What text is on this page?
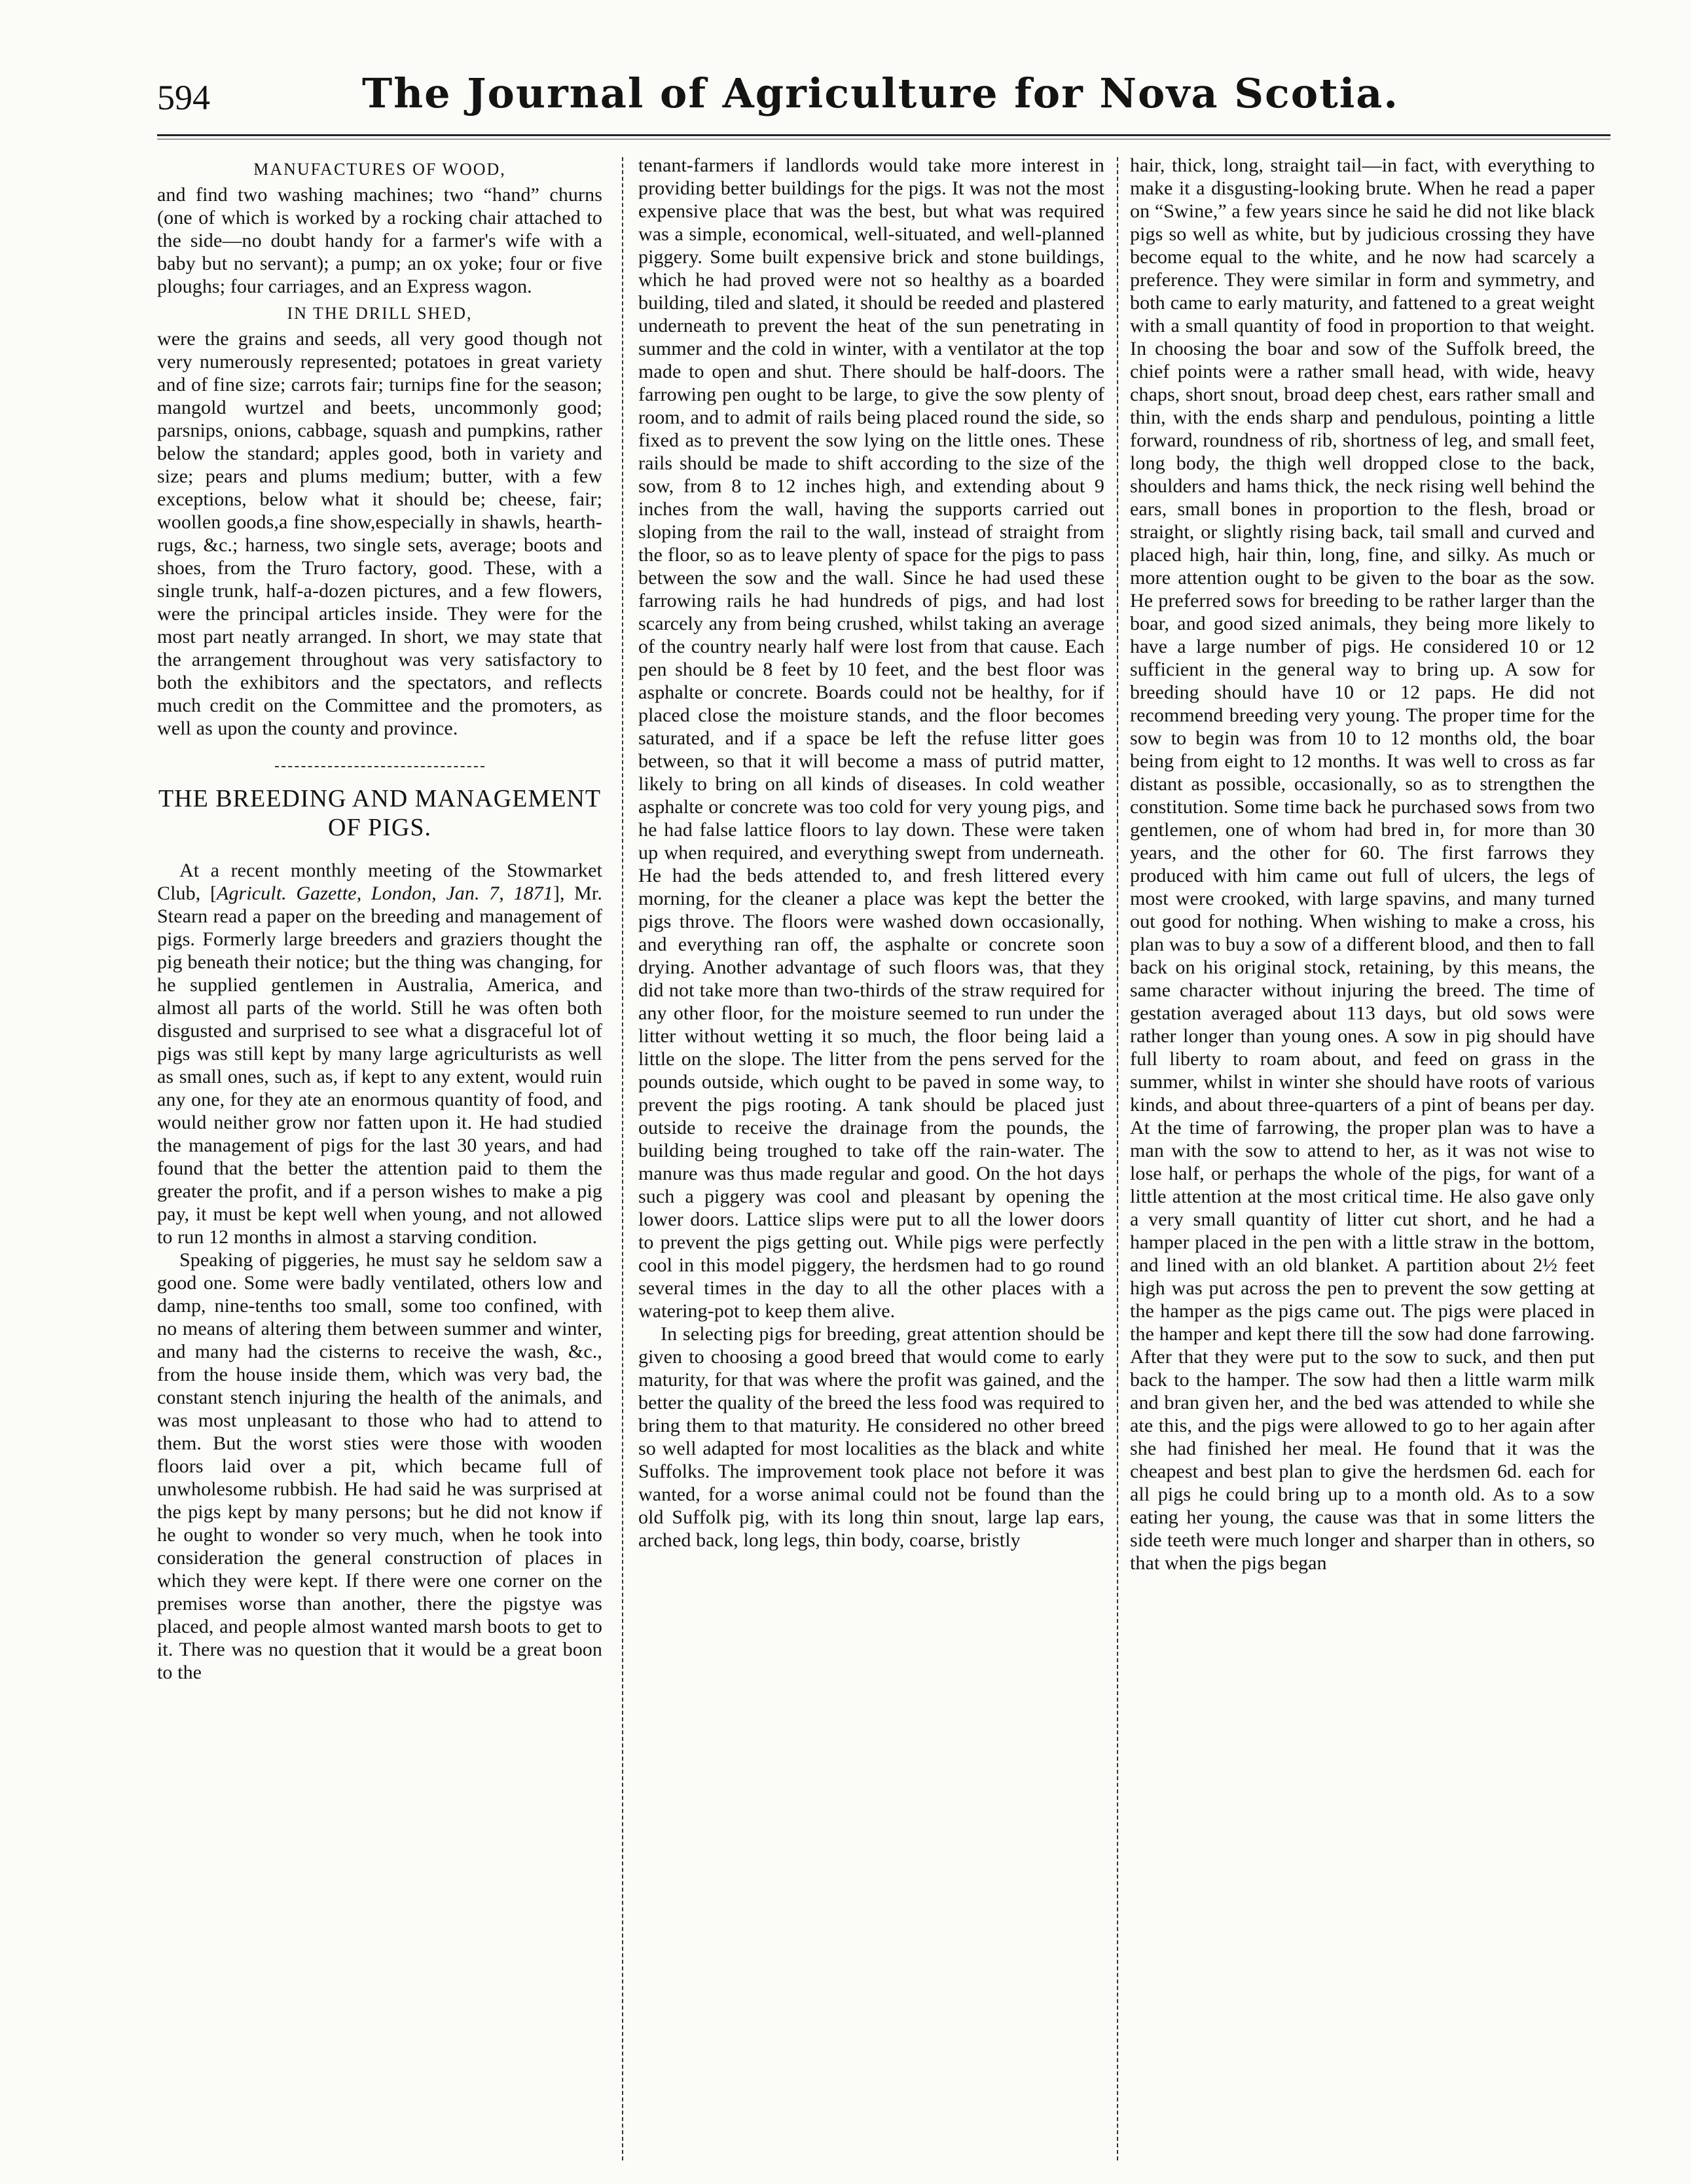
594	The Journal of Agriculture for Nova Scotia.
MANUFACTURES OF WOOD,

and find two washing machines; two “hand” churns (one of which is worked by a rocking chair attached to the side—no doubt handy for a farmer's wife with a baby but no servant); a pump; an ox yoke; four or five ploughs; four carriages, and an Express wagon.

IN THE DRILL SHED,

were the grains and seeds, all very good though not very numerously represented; potatoes in great variety and of fine size; carrots fair; turnips fine for the season; mangold wurtzel and beets, uncommonly good; parsnips, onions, cabbage, squash and pumpkins, rather below the standard; apples good, both in variety and size; pears and plums medium; butter, with a few exceptions, below what it should be; cheese, fair; woollen goods,a fine show,especially in shawls, hearth-rugs, &c.; harness, two single sets, average; boots and shoes, from the Truro factory, good. These, with a single trunk, half-a-dozen pictures, and a few flowers, were the principal articles inside. They were for the most part neatly arranged. In short, we may state that the arrangement throughout was very satisfactory to both the exhibitors and the spectators, and reflects much credit on the Committee and the promoters, as well as upon the county and province.

THE BREEDING AND MANAGEMENT OF PIGS.

At a recent monthly meeting of the Stowmarket Club, [Agricult. Gazette, London, Jan. 7, 1871], Mr. Stearn read a paper on the breeding and management of pigs. Formerly large breeders and graziers thought the pig beneath their notice; but the thing was changing, for he supplied gentlemen in Australia, America, and almost all parts of the world. Still he was often both disgusted and surprised to see what a disgraceful lot of pigs was still kept by many large agriculturists as well as small ones, such as, if kept to any extent, would ruin any one, for they ate an enormous quantity of food, and would neither grow nor fatten upon it. He had studied the management of pigs for the last 30 years, and had found that the better the attention paid to them the greater the profit, and if a person wishes to make a pig pay, it must be kept well when young, and not allowed to run 12 months in almost a starving condition.

Speaking of piggeries, he must say he seldom saw a good one. Some were badly ventilated, others low and damp, nine-tenths too small, some too confined, with no means of altering them between summer and winter, and many had the cisterns to receive the wash, &c., from the house inside them, which was very bad, the constant stench injuring the health of the animals, and was most unpleasant to those who had to attend to them. But the worst sties were those with wooden floors laid over a pit, which became full of unwholesome rubbish. He had said he was surprised at the pigs kept by many persons; but he did not know if he ought to wonder so very much, when he took into consideration the general construction of places in which they were kept. If there were one corner on the premises worse than another, there the pigstye was placed, and people almost wanted marsh boots to get to it. There was no question that it would be a great boon to the

tenant-farmers if landlords would take more interest in providing better buildings for the pigs. It was not the most expensive place that was the best, but what was required was a simple, economical, well-situated, and well-planned piggery. Some built expensive brick and stone buildings, which he had proved were not so healthy as a boarded building, tiled and slated, it should be reeded and plastered underneath to prevent the heat of the sun penetrating in summer and the cold in winter, with a ventilator at the top made to open and shut. There should be half-doors. The farrowing pen ought to be large, to give the sow plenty of room, and to admit of rails being placed round the side, so fixed as to prevent the sow lying on the little ones. These rails should be made to shift according to the size of the sow, from 8 to 12 inches high, and extending about 9 inches from the wall, having the supports carried out sloping from the rail to the wall, instead of straight from the floor, so as to leave plenty of space for the pigs to pass between the sow and the wall. Since he had used these farrowing rails he had hundreds of pigs, and had lost scarcely any from being crushed, whilst taking an average of the country nearly half were lost from that cause. Each pen should be 8 feet by 10 feet, and the best floor was asphalte or concrete. Boards could not be healthy, for if placed close the moisture stands, and the floor becomes saturated, and if a space be left the refuse litter goes between, so that it will become a mass of putrid matter, likely to bring on all kinds of diseases. In cold weather asphalte or concrete was too cold for very young pigs, and he had false lattice floors to lay down. These were taken up when required, and everything swept from underneath. He had the beds attended to, and fresh littered every morning, for the cleaner a place was kept the better the pigs throve. The floors were washed down occasionally, and everything ran off, the asphalte or concrete soon drying. Another advantage of such floors was, that they did not take more than two-thirds of the straw required for any other floor, for the moisture seemed to run under the litter without wetting it so much, the floor being laid a little on the slope. The litter from the pens served for the pounds outside, which ought to be paved in some way, to prevent the pigs rooting. A tank should be placed just outside to receive the drainage from the pounds, the building being troughed to take off the rain-water. The manure was thus made regular and good. On the hot days such a piggery was cool and pleasant by opening the lower doors. Lattice slips were put to all the lower doors to prevent the pigs getting out. While pigs were perfectly cool in this model piggery, the herdsmen had to go round several times in the day to all the other places with a watering-pot to keep them alive.

In selecting pigs for breeding, great attention should be given to choosing a good breed that would come to early maturity, for that was where the profit was gained, and the better the quality of the breed the less food was required to bring them to that maturity. He considered no other breed so well adapted for most localities as the black and white Suffolks. The improvement took place not before it was wanted, for a worse animal could not be found than the old Suffolk pig, with its long thin snout, large lap ears, arched back, long legs, thin body, coarse, bristly

hair, thick, long, straight tail—in fact, with everything to make it a disgusting-looking brute. When he read a paper on “Swine,” a few years since he said he did not like black pigs so well as white, but by judicious crossing they have become equal to the white, and he now had scarcely a preference. They were similar in form and symmetry, and both came to early maturity, and fattened to a great weight with a small quantity of food in proportion to that weight. In choosing the boar and sow of the Suffolk breed, the chief points were a rather small head, with wide, heavy chaps, short snout, broad deep chest, ears rather small and thin, with the ends sharp and pendulous, pointing a little forward, roundness of rib, shortness of leg, and small feet, long body, the thigh well dropped close to the back, shoulders and hams thick, the neck rising well behind the ears, small bones in proportion to the flesh, broad or straight, or slightly rising back, tail small and curved and placed high, hair thin, long, fine, and silky. As much or more attention ought to be given to the boar as the sow. He preferred sows for breeding to be rather larger than the boar, and good sized animals, they being more likely to have a large number of pigs. He considered 10 or 12 sufficient in the general way to bring up. A sow for breeding should have 10 or 12 paps. He did not recommend breeding very young. The proper time for the sow to begin was from 10 to 12 months old, the boar being from eight to 12 months. It was well to cross as far distant as possible, occasionally, so as to strengthen the constitution. Some time back he purchased sows from two gentlemen, one of whom had bred in, for more than 30 years, and the other for 60. The first farrows they produced with him came out full of ulcers, the legs of most were crooked, with large spavins, and many turned out good for nothing. When wishing to make a cross, his plan was to buy a sow of a different blood, and then to fall back on his original stock, retaining, by this means, the same character without injuring the breed. The time of gestation averaged about 113 days, but old sows were rather longer than young ones. A sow in pig should have full liberty to roam about, and feed on grass in the summer, whilst in winter she should have roots of various kinds, and about three-quarters of a pint of beans per day. At the time of farrowing, the proper plan was to have a man with the sow to attend to her, as it was not wise to lose half, or perhaps the whole of the pigs, for want of a little attention at the most critical time. He also gave only a very small quantity of litter cut short, and he had a hamper placed in the pen with a little straw in the bottom, and lined with an old blanket. A partition about 2½ feet high was put across the pen to prevent the sow getting at the hamper as the pigs came out. The pigs were placed in the hamper and kept there till the sow had done farrowing. After that they were put to the sow to suck, and then put back to the hamper. The sow had then a little warm milk and bran given her, and the bed was attended to while she ate this, and the pigs were allowed to go to her again after she had finished her meal. He found that it was the cheapest and best plan to give the herdsmen 6d. each for all pigs he could bring up to a month old. As to a sow eating her young, the cause was that in some litters the side teeth were much longer and sharper than in others, so that when the pigs began
